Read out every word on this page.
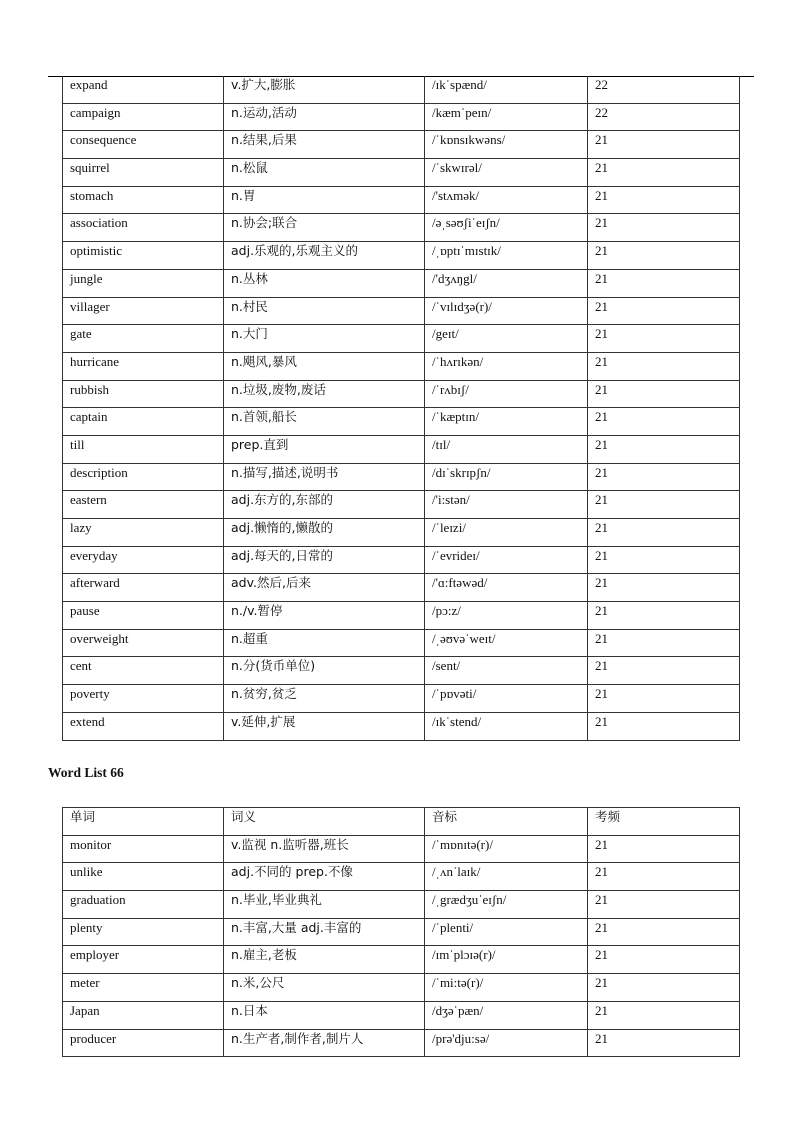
expand	v.扩大,膨胀	/ɪkˈspænd/	22
campaign	n.运动,活动	/kæmˈpeɪn/	22
consequence	n.结果,后果	/ˈkɒnsɪkwəns/	21
squirrel	n.松鼠	/ˈskwɪrəl/	21
stomach	n.胃	/'stʌmək/	21
association	n.协会;联合	/əˌsəʊʃiˈeɪʃn/	21
optimistic	adj.乐观的,乐观主义的	/ˌɒptɪˈmɪstɪk/	21
jungle	n.丛林	/'dʒʌŋgl/	21
villager	n.村民	/ˈvɪlɪdʒə(r)/	21
gate	n.大门	/geɪt/	21
hurricane	n.飓风,暴风	/ˈhʌrɪkən/	21
rubbish	n.垃圾,废物,废话	/ˈrʌbɪʃ/	21
captain	n.首领,船长	/ˈkæptɪn/	21
till	prep.直到	/tɪl/	21
description	n.描写,描述,说明书	/dɪˈskrɪpʃn/	21
eastern	adj.东方的,东部的	/'i:stən/	21
lazy	adj.懒惰的,懒散的	/ˈleɪzi/	21
everyday	adj.每天的,日常的	/ˈevrideɪ/	21
afterward	adv.然后,后来	/'ɑ:ftəwəd/	21
pause	n./v.暂停	/pɔ:z/	21
overweight	n.超重	/ˌəʊvəˈweɪt/	21
cent	n.分(货币单位)	/sent/	21
poverty	n.贫穷,贫乏	/ˈpɒvəti/	21
extend	v.延伸,扩展	/ɪkˈstend/	21
Word List 66
单词	词义	音标	考频
monitor	v.监视 n.监听器,班长	/ˈmɒnɪtə(r)/	21
unlike	adj.不同的 prep.不像	/ˌʌnˈlaɪk/	21
graduation	n.毕业,毕业典礼	/ˌgrædʒuˈeɪʃn/	21
plenty	n.丰富,大量 adj.丰富的	/ˈplenti/	21
employer	n.雇主,老板	/ɪmˈplɔɪə(r)/	21
meter	n.米,公尺	/ˈmi:tə(r)/	21
Japan	n.日本	/dʒəˈpæn/	21
producer	n.生产者,制作者,制片人	/prə'dju:sə/	21
